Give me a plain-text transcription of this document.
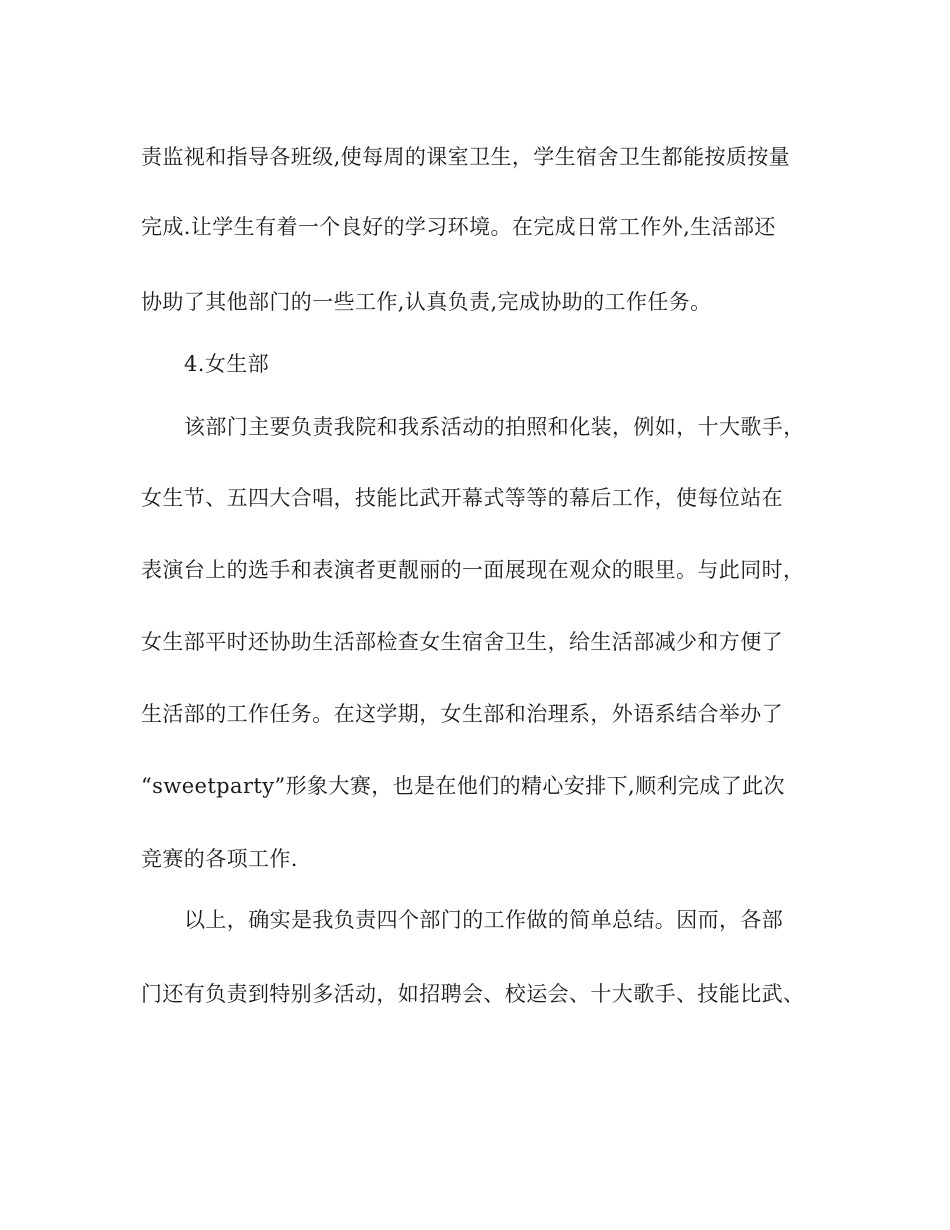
责监视和指导各班级,使每周的课室卫生，学生宿舍卫生都能按质按量
完成.让学生有着一个良好的学习环境。在完成日常工作外,生活部还
协助了其他部门的一些工作,认真负责,完成协助的工作任务。
4.女生部
该部门主要负责我院和我系活动的拍照和化装，例如，十大歌手，
女生节、五四大合唱，技能比武开幕式等等的幕后工作，使每位站在
表演台上的选手和表演者更靓丽的一面展现在观众的眼里。与此同时，
女生部平时还协助生活部检查女生宿舍卫生，给生活部减少和方便了
生活部的工作任务。在这学期，女生部和治理系，外语系结合举办了
“sweetparty”形象大赛，也是在他们的精心安排下,顺利完成了此次
竞赛的各项工作.
以上，确实是我负责四个部门的工作做的简单总结。因而，各部
门还有负责到特别多活动，如招聘会、校运会、十大歌手、技能比武、
